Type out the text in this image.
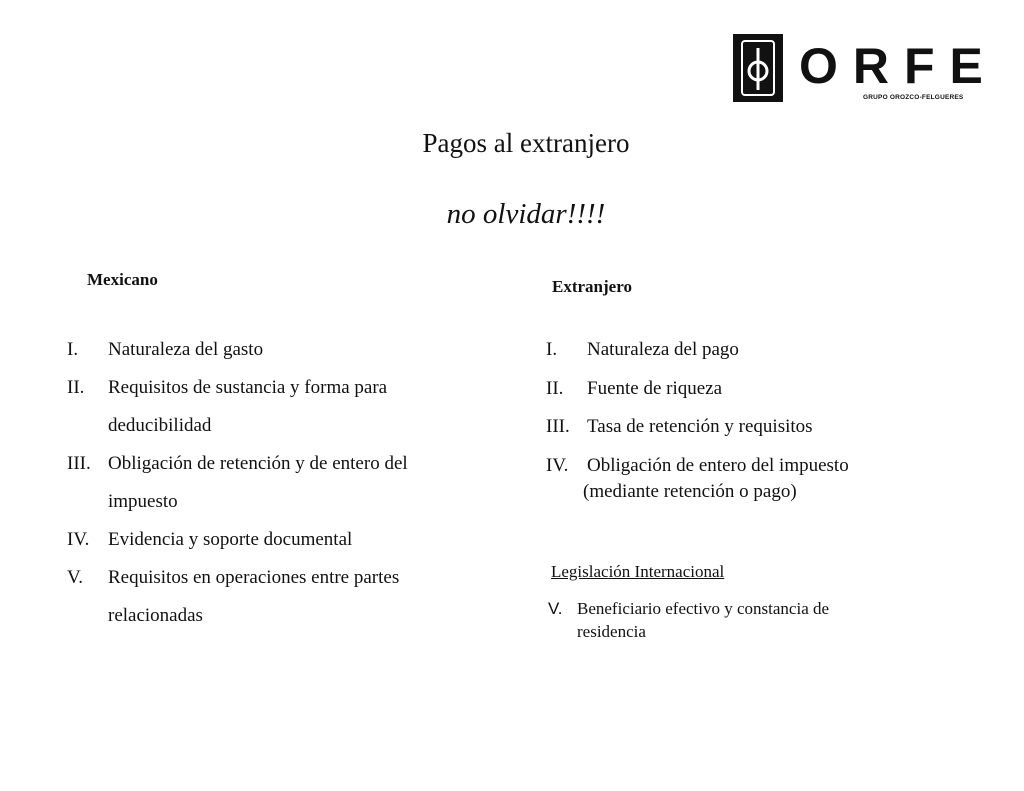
ORFE
GRUPO OROZCO-FELGUERES
Pagos al extranjero
no olvidar!!!!
Mexicano
I.	Naturaleza del gasto
II.	Requisitos de sustancia y forma para deducibilidad
III. Obligación de retención y de entero del impuesto
IV. Evidencia y soporte documental
V.	Requisitos en operaciones entre partes relacionadas
Extranjero
I.	Naturaleza del pago
II.	Fuente de riqueza
III. Tasa de retención y requisitos
IV. Obligación de entero del impuesto
(mediante retención o pago)
Legislación Internacional
V. Beneficiario efectivo y constancia de residencia
